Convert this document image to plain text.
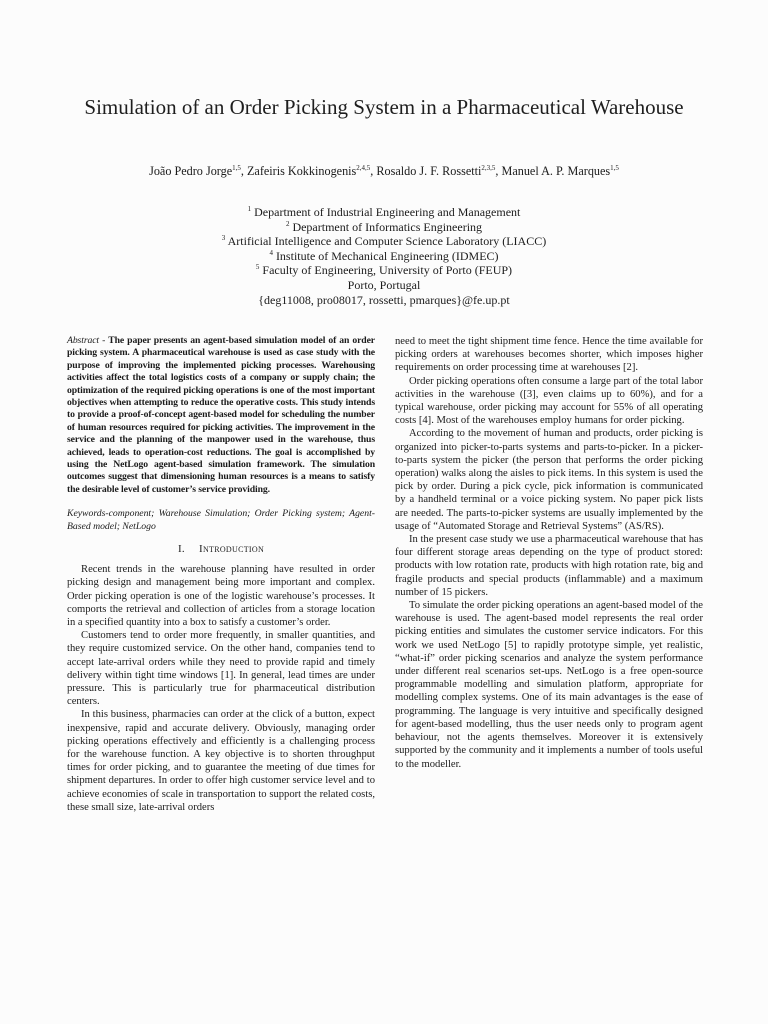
Simulation of an Order Picking System in a Pharmaceutical Warehouse
João Pedro Jorge$^{1,5}$, Zafeiris Kokkinogenis$^{2,4,5}$, Rosaldo J. F. Rossetti$^{2,3,5}$, Manuel A. P. Marques$^{1,5}$
$^1$ Department of Industrial Engineering and Management
$^2$ Department of Informatics Engineering
$^3$ Artificial Intelligence and Computer Science Laboratory (LIACC)
$^4$ Institute of Mechanical Engineering (IDMEC)
$^5$ Faculty of Engineering, University of Porto (FEUP)
Porto, Portugal
{deg11008, pro08017, rossetti, pmarques}@fe.up.pt

Abstract - The paper presents an agent-based simulation model of an order picking system. A pharmaceutical warehouse is used as case study with the purpose of improving the implemented picking processes. Warehousing activities affect the total logistics costs of a company or supply chain; the optimization of the required picking operations is one of the most important objectives when attempting to reduce the operative costs. This study intends to provide a proof-of-concept agent-based model for scheduling the number of human resources required for picking activities. The improvement in the service and the planning of the manpower used in the warehouse, thus achieved, leads to operation-cost reductions. The goal is accomplished by using the NetLogo agent-based simulation framework. The simulation outcomes suggest that dimensioning human resources is a means to satisfy the desirable level of customer’s service providing.

Keywords-component; Warehouse Simulation; Order Picking system; Agent-Based model; NetLogo

I. Introduction

Recent trends in the warehouse planning have resulted in order picking design and management being more important and complex. Order picking operation is one of the logistic warehouse’s processes. It comports the retrieval and collection of articles from a storage location in a specified quantity into a box to satisfy a customer’s order.

Customers tend to order more frequently, in smaller quantities, and they require customized service. On the other hand, companies tend to accept late-arrival orders while they need to provide rapid and timely delivery within tight time windows [1]. In general, lead times are under pressure. This is particularly true for pharmaceutical distribution centers.

In this business, pharmacies can order at the click of a button, expect inexpensive, rapid and accurate delivery. Obviously, managing order picking operations effectively and efficiently is a challenging process for the warehouse function. A key objective is to shorten throughput times for order picking, and to guarantee the meeting of due times for shipment departures. In order to offer high customer service level and to achieve economies of scale in transportation to support the related costs, these small size, late-arrival orders

need to meet the tight shipment time fence. Hence the time available for picking orders at warehouses becomes shorter, which imposes higher requirements on order processing time at warehouses [2].

Order picking operations often consume a large part of the total labor activities in the warehouse ([3], even claims up to 60%), and for a typical warehouse, order picking may account for 55% of all operating costs [4]. Most of the warehouses employ humans for order picking.

According to the movement of human and products, order picking is organized into picker-to-parts systems and parts-to-picker. In a picker-to-parts system the picker (the person that performs the order picking operation) walks along the aisles to pick items. In this system is used the pick by order. During a pick cycle, pick information is communicated by a handheld terminal or a voice picking system. No paper pick lists are needed. The parts-to-picker systems are usually implemented by the usage of “Automated Storage and Retrieval Systems” (AS/RS).

In the present case study we use a pharmaceutical warehouse that has four different storage areas depending on the type of product stored: products with low rotation rate, products with high rotation rate, big and fragile products and special products (inflammable) and a maximum number of 15 pickers.

To simulate the order picking operations an agent-based model of the warehouse is used. The agent-based model represents the real order picking entities and simulates the customer service indicators. For this work we used NetLogo [5] to rapidly prototype simple, yet realistic, “what-if” order picking scenarios and analyze the system performance under different real scenarios set-ups. NetLogo is a free open-source programmable modelling and simulation platform, appropriate for modelling complex systems. One of its main advantages is the ease of programming. The language is very intuitive and specifically designed for agent-based modelling, thus the user needs only to program agent behaviour, not the agents themselves. Moreover it is extensively supported by the community and it implements a number of tools useful to the modeller.
